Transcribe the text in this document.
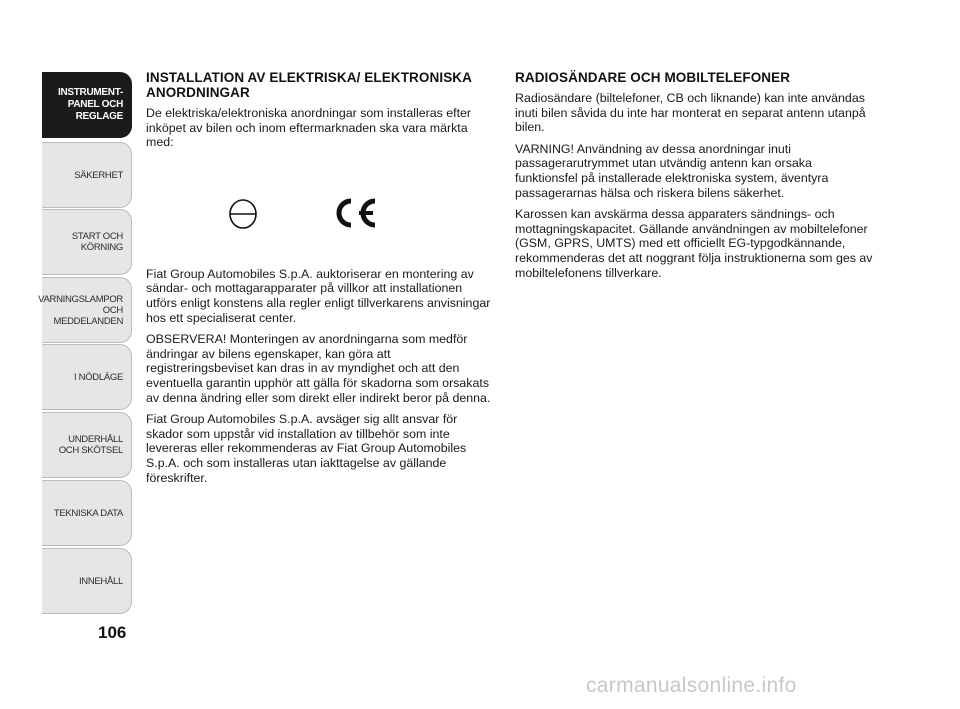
INSTRUMENT-
PANEL OCH
REGLAGE
SÄKERHET
START OCH
KÖRNING
VARNINGSLAMPOR
OCH
MEDDELANDEN
I NÖDLÄGE
UNDERHÅLL
OCH SKÖTSEL
TEKNISKA DATA
INNEHÅLL
106
INSTALLATION AV ELEKTRISKA/ ELEKTRONISKA ANORDNINGAR

De elektriska/elektroniska anordningar som installeras efter inköpet av bilen och inom eftermarknaden ska vara märkta med:

Fiat Group Automobiles S.p.A. auktoriserar en montering av sändar- och mottagarapparater på villkor att installationen utförs enligt konstens alla regler enligt tillverkarens anvisningar hos ett specialiserat center.

OBSERVERA! Monteringen av anordningarna som medför ändringar av bilens egenskaper, kan göra att registreringsbeviset kan dras in av myndighet och att den eventuella garantin upphör att gälla för skadorna som orsakats av denna ändring eller som direkt eller indirekt beror på denna.

Fiat Group Automobiles S.p.A. avsäger sig allt ansvar för skador som uppstår vid installation av tillbehör som inte levereras eller rekommenderas av Fiat Group Automobiles S.p.A. och som installeras utan iakttagelse av gällande föreskrifter.

RADIOSÄNDARE OCH MOBILTELEFONER

Radiosändare (biltelefoner, CB och liknande) kan inte användas inuti bilen såvida du inte har monterat en separat antenn utanpå bilen.

VARNING! Användning av dessa anordningar inuti passagerarutrymmet utan utvändig antenn kan orsaka funktionsfel på installerade elektroniska system, äventyra passagerarnas hälsa och riskera bilens säkerhet.

Karossen kan avskärma dessa apparaters sändnings- och mottagningskapacitet. Gällande användningen av mobiltelefoner (GSM, GPRS, UMTS) med ett officiellt EG-typgodkännande, rekommenderas det att noggrant följa instruktionerna som ges av mobiltelefonens tillverkare.

carmanualsonline.info
